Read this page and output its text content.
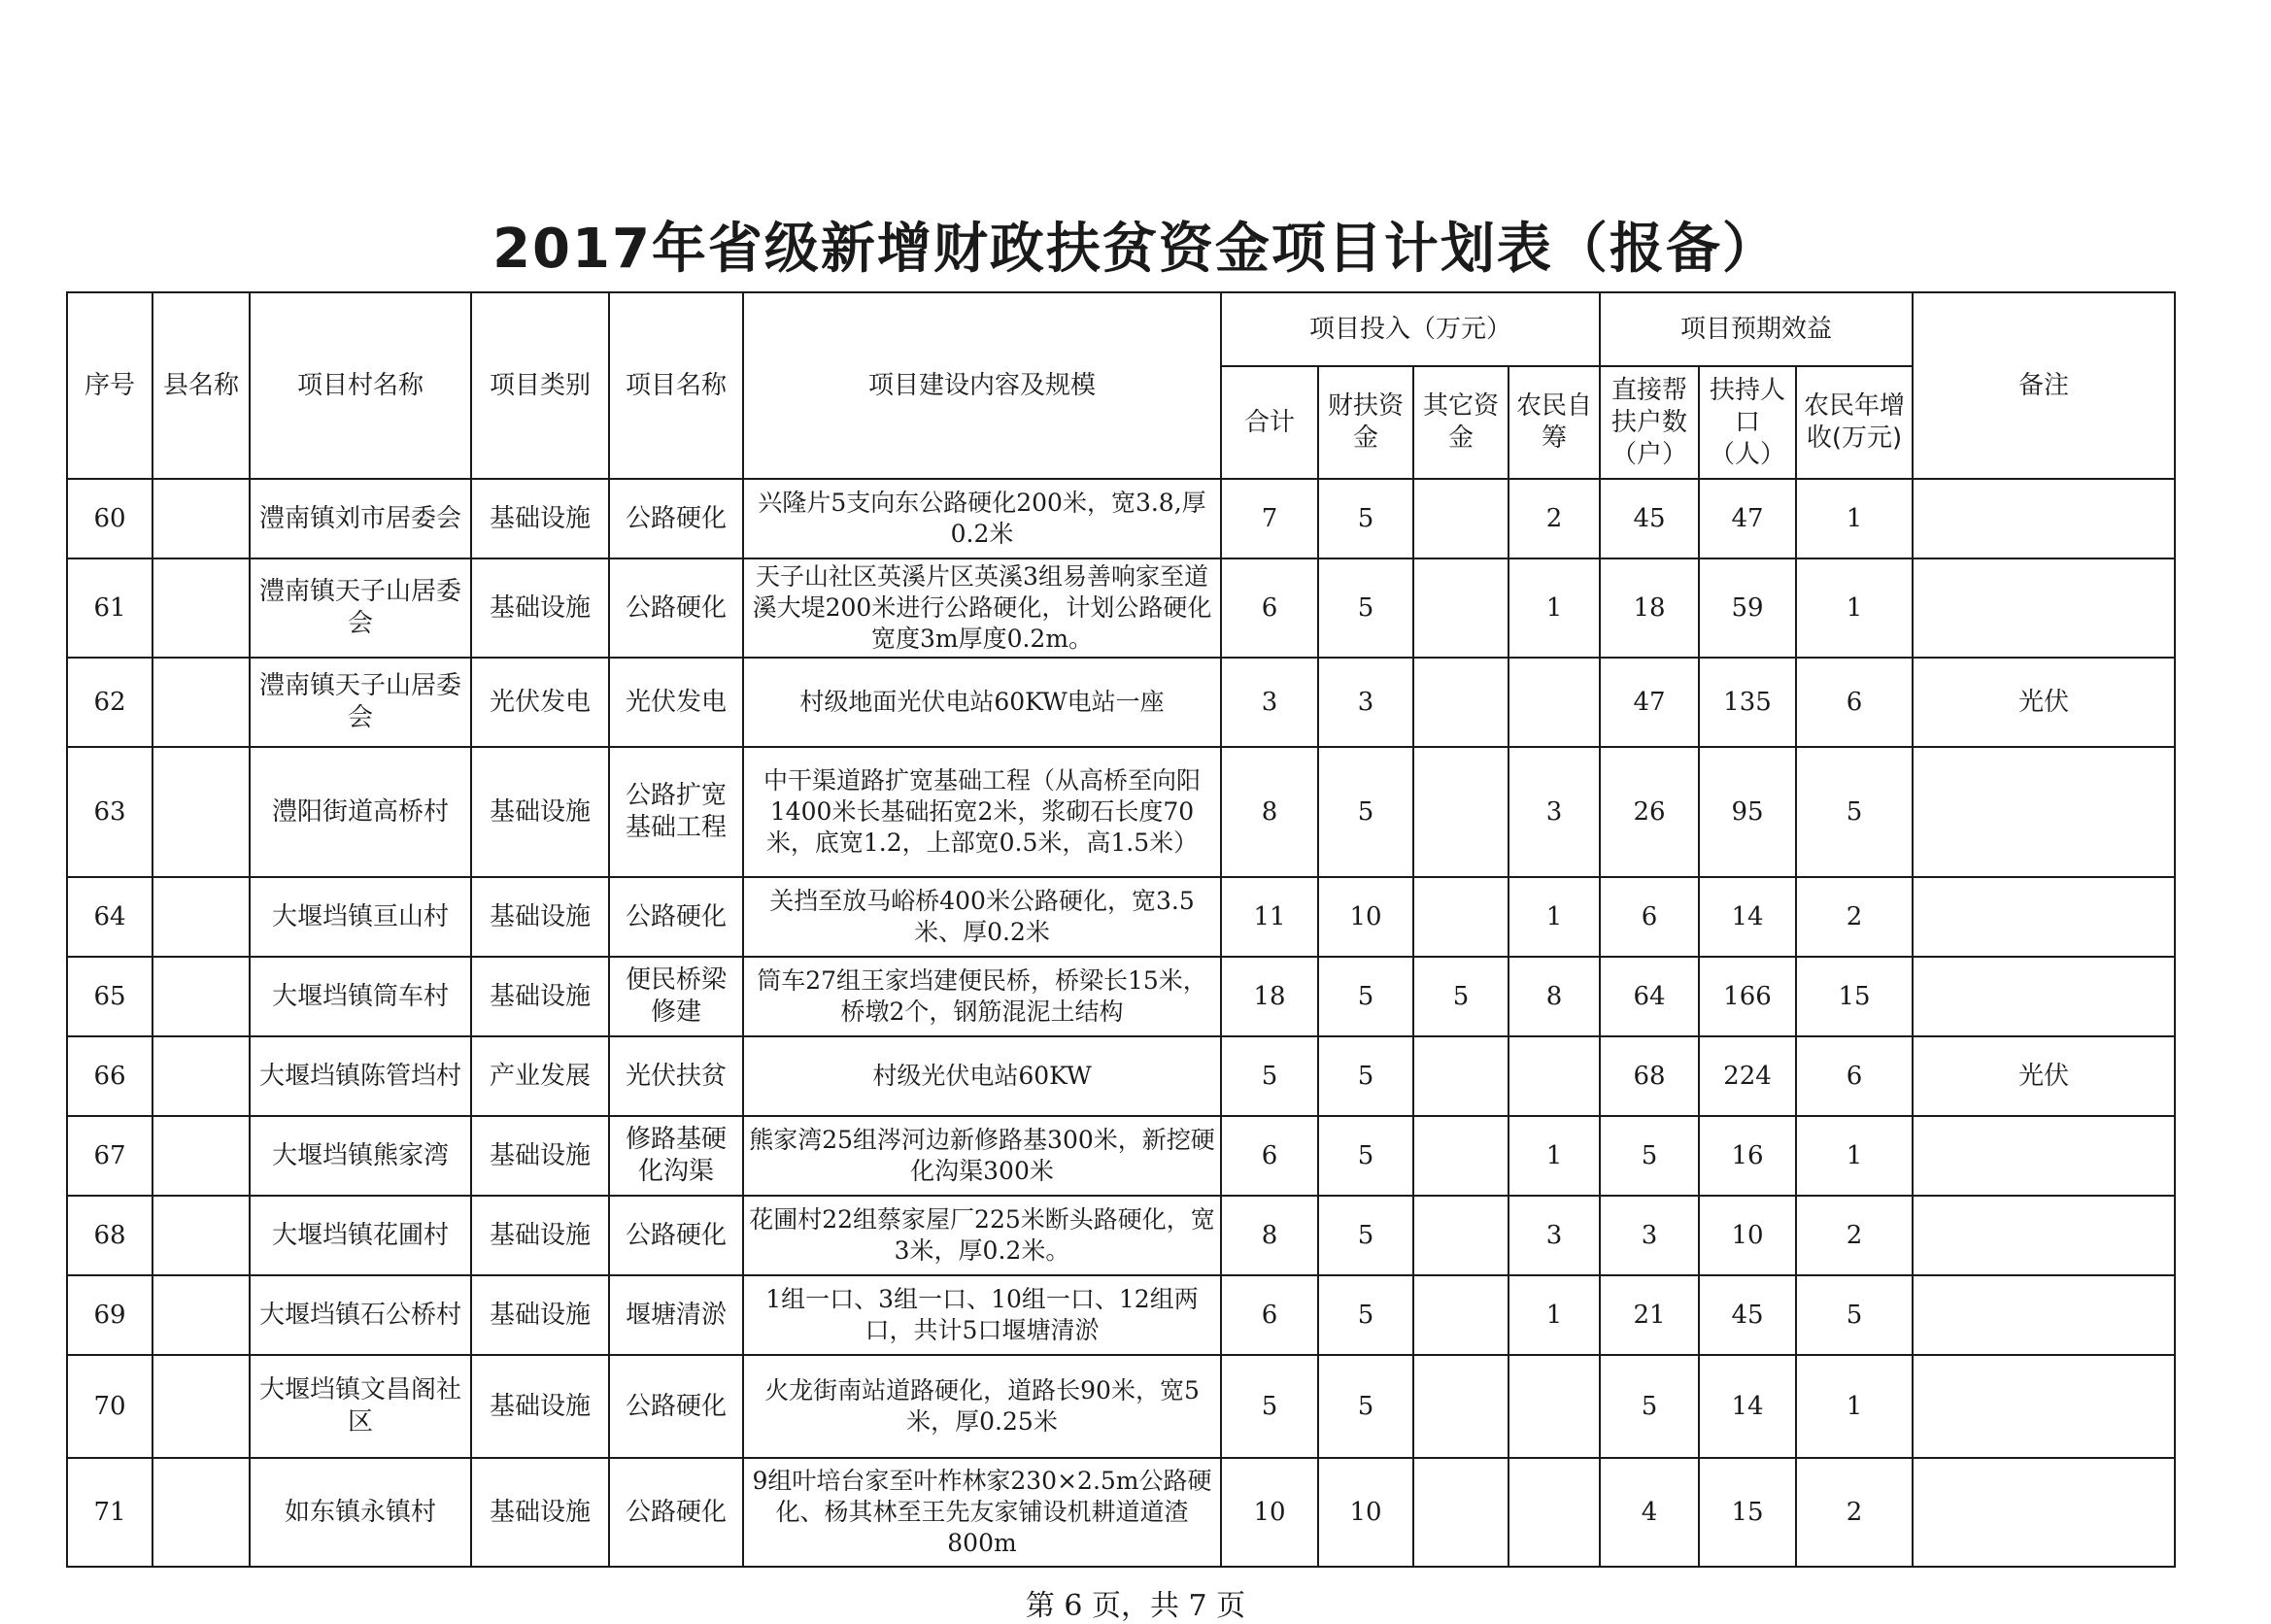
2017年省级新增财政扶贫资金项目计划表（报备）
序号	县名称	项目村名称	项目类别	项目名称	项目建设内容及规模	项目投入（万元）				项目预期效益			备注
						合计	财扶资金	其它资金	农民自筹	直接帮扶户数（户）	扶持人口（人）	农民年增收(万元)	
60		澧南镇刘市居委会	基础设施	公路硬化	兴隆片5支向东公路硬化200米，宽3.8,厚0.2米	7	5		2	45	47	1	
61		澧南镇天子山居委会	基础设施	公路硬化	天子山社区英溪片区英溪3组易善响家至道溪大堤200米进行公路硬化，计划公路硬化宽度3m厚度0.2m。	6	5		1	18	59	1	
62		澧南镇天子山居委会	光伏发电	光伏发电	村级地面光伏电站60KW电站一座	3	3			47	135	6	光伏
63		澧阳街道高桥村	基础设施	公路扩宽基础工程	中干渠道路扩宽基础工程（从高桥至向阳1400米长基础拓宽2米，浆砌石长度70米，底宽1.2，上部宽0.5米，高1.5米）	8	5		3	26	95	5	
64		大堰垱镇亘山村	基础设施	公路硬化	关挡至放马峪桥400米公路硬化，宽3.5米、厚0.2米	11	10		1	6	14	2	
65		大堰垱镇筒车村	基础设施	便民桥梁修建	筒车27组王家垱建便民桥，桥梁长15米，桥墩2个，钢筋混泥土结构	18	5	5	8	64	166	15	
66		大堰垱镇陈管垱村	产业发展	光伏扶贫	村级光伏电站60KW	5	5			68	224	6	光伏
67		大堰垱镇熊家湾	基础设施	修路基硬化沟渠	熊家湾25组涔河边新修路基300米，新挖硬化沟渠300米	6	5		1	5	16	1	
68		大堰垱镇花圃村	基础设施	公路硬化	花圃村22组蔡家屋厂225米断头路硬化，宽3米，厚0.2米。	8	5		3	3	10	2	
69		大堰垱镇石公桥村	基础设施	堰塘清淤	1组一口、3组一口、10组一口、12组两口，共计5口堰塘清淤	6	5		1	21	45	5	
70		大堰垱镇文昌阁社区	基础设施	公路硬化	火龙街南站道路硬化，道路长90米，宽5米，厚0.25米	5	5			5	14	1	
71		如东镇永镇村	基础设施	公路硬化	9组叶培台家至叶柞林家230×2.5m公路硬化、杨其林至王先友家铺设机耕道道渣800m	10	10			4	15	2	
第 6 页，共 7 页
